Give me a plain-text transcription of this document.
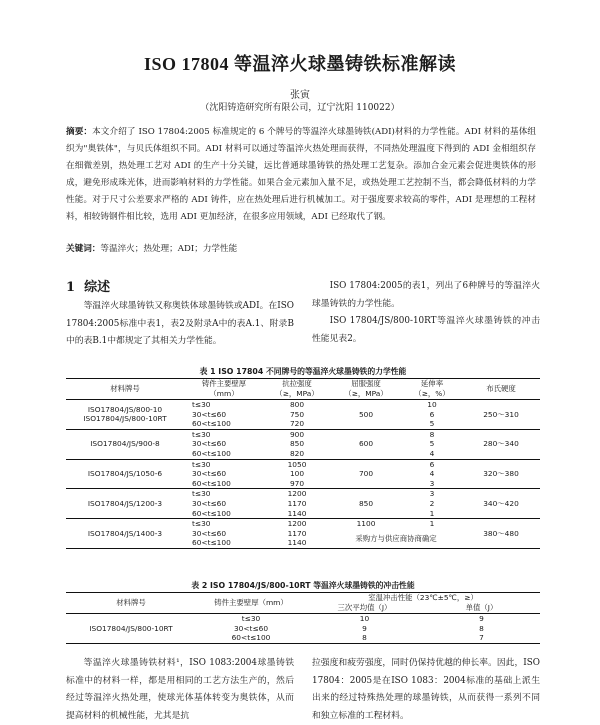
ISO 17804 等温淬火球墨铸铁标准解读
张寅
（沈阳铸造研究所有限公司，辽宁沈阳 110022）
摘要：本文介绍了 ISO 17804:2005 标准规定的 6 个牌号的等温淬火球墨铸铁(ADI)材料的力学性能。ADI 材料的基体组织为"奥铁体"，与贝氏体组织不同。ADI 材料可以通过等温淬火热处理而获得，不同热处理温度下得到的 ADI 金相组织存在细微差别，热处理工艺对 ADI 的生产十分关键，远比普通球墨铸铁的热处理工艺复杂。添加合金元素会促进奥铁体的形成，避免形成珠光体，进而影响材料的力学性能。如果合金元素加入量不足，或热处理工艺控制不当，都会降低材料的力学性能。对于尺寸公差要求严格的 ADI 铸件，应在热处理后进行机械加工。对于强度要求较高的零件，ADI 是理想的工程材料，相较铸钢件相比较，选用 ADI 更加经济，在很多应用领域，ADI 已经取代了钢。
关键词：等温淬火；热处理；ADI；力学性能
1 综述

等温淬火球墨铸铁又称奥铁体球墨铸铁或ADI。在ISO 17804:2005标准中表1，表2及附录A中的表A.1、附录B中的表B.1中都规定了其相关力学性能。

ISO 17804:2005的表1，列出了6种牌号的等温淬火球墨铸铁的力学性能。

ISO 17804/JS/800-10RT等温淬火球墨铸铁的冲击性能见表2。

表 1 ISO 17804 不同牌号的等温淬火球墨铸铁的力学性能
材料牌号	铸件主要壁厚	抗拉强度	屈服强度	延伸率	布氏硬度
	（mm）	（≥，MPa）	（≥，MPa）	（≥，%）	
ISO17804/JS/800-10
ISO17804/JS/800-10RT	t≤30	800	500	10	250～310
	30<t≤60	750		6	
	60<t≤100	720		5	
ISO17804/JS/900-8	t≤30	900	600	8	280～340
	30<t≤60	850		5	
	60<t≤100	820		4	
ISO17804/JS/1050-6	t≤30	1050	700	6	320～380
	30<t≤60	100		4	
	60<t≤100	970		3	
ISO17804/JS/1200-3	t≤30	1200	850	3	340～420
	30<t≤60	1170		2	
	60<t≤100	1140		1	
ISO17804/JS/1400-3	t≤30	1200	1100	1	380～480
	30<t≤60	1170	采购方与供应商协商确定		
	60<t≤100	1140			
表 2 ISO 17804/JS/800-10RT 等温淬火球墨铸铁的冲击性能
材料牌号	铸件主要壁厚（mm）	室温冲击性能（23℃±5℃，≥）	
		三次平均值（J）	单值（J）
ISO17804/JS/800-10RT	t≤30	10	9
	30<t≤60	9	8
	60<t≤100	8	7

等温淬火球墨铸铁材料¹，ISO 1083:2004球墨铸铁标准中的材料一样，都是用相同的工艺方法生产的，然后经过等温淬火热处理，使球光体基体转变为奥铁体，从而提高材料的机械性能，尤其是抗

拉强度和疲劳强度，同时仍保持优越的伸长率。因此，ISO 17804：2005是在ISO 1083：2004标准的基础上派生出来的经过特殊热处理的球墨铸铁，从而获得一系列不同和独立标准的工程材料。
